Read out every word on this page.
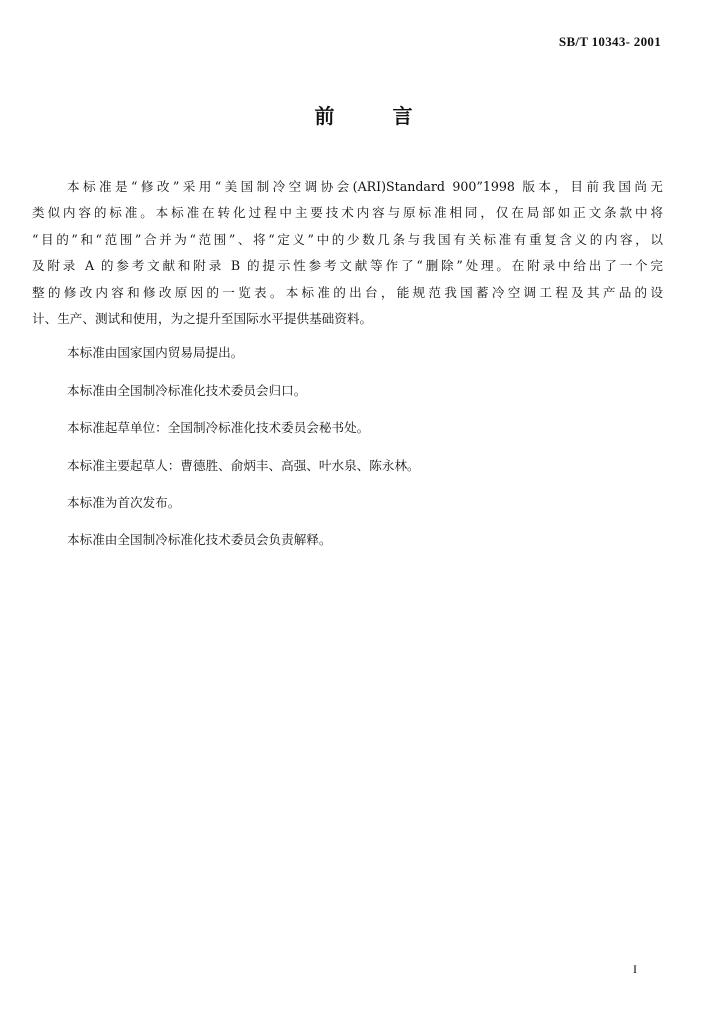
SB/T 10343- 2001
前	言
本标准是“修改”采用“美国制冷空调协会(ARI)Standard 900”1998 版本，目前我国尚无
类似内容的标准。本标准在转化过程中主要技术内容与原标准相同，仅在局部如正文条款中将
“目的”和“范围”合并为“范围”、将“定义”中的少数几条与我国有关标准有重复含义的内容，以
及附录 A 的参考文献和附录 B 的提示性参考文献等作了“删除”处理。在附录中给出了一个完
整的修改内容和修改原因的一览表。本标准的出台，能规范我国蓄冷空调工程及其产品的设
计、生产、测试和使用，为之提升至国际水平提供基础资料。

本标准由国家国内贸易局提出。

本标准由全国制冷标准化技术委员会归口。

本标准起草单位：全国制冷标准化技术委员会秘书处。

本标准主要起草人：曹德胜、俞炳丰、高强、叶水泉、陈永林。

本标准为首次发布。

本标准由全国制冷标准化技术委员会负责解释。

I
